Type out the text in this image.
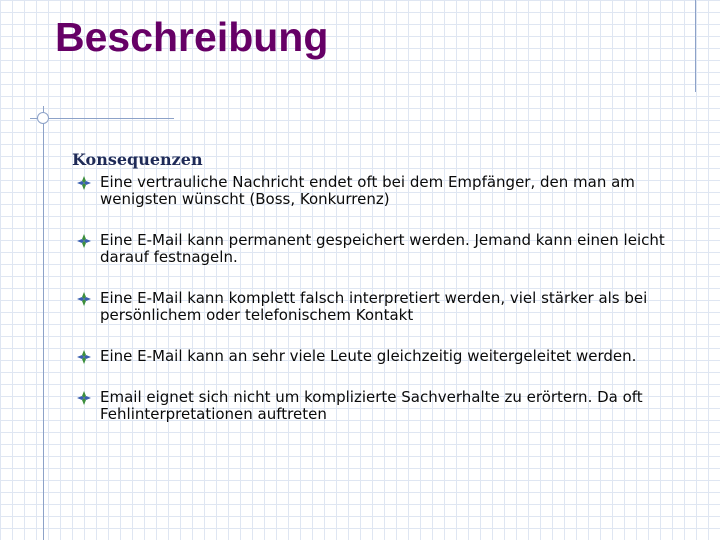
Beschreibung
Konsequenzen
Eine vertrauliche Nachricht endet oft bei dem Empfänger, den man am wenigsten wünscht (Boss, Konkurrenz)
Eine E-Mail kann permanent gespeichert werden. Jemand kann einen leicht darauf festnageln.
Eine E-Mail kann komplett falsch interpretiert werden, viel stärker als bei persönlichem oder telefonischem Kontakt
Eine E-Mail kann an sehr viele Leute gleichzeitig weitergeleitet werden.
Email eignet sich nicht um komplizierte Sachverhalte zu erörtern. Da oft Fehlinterpretationen auftreten
